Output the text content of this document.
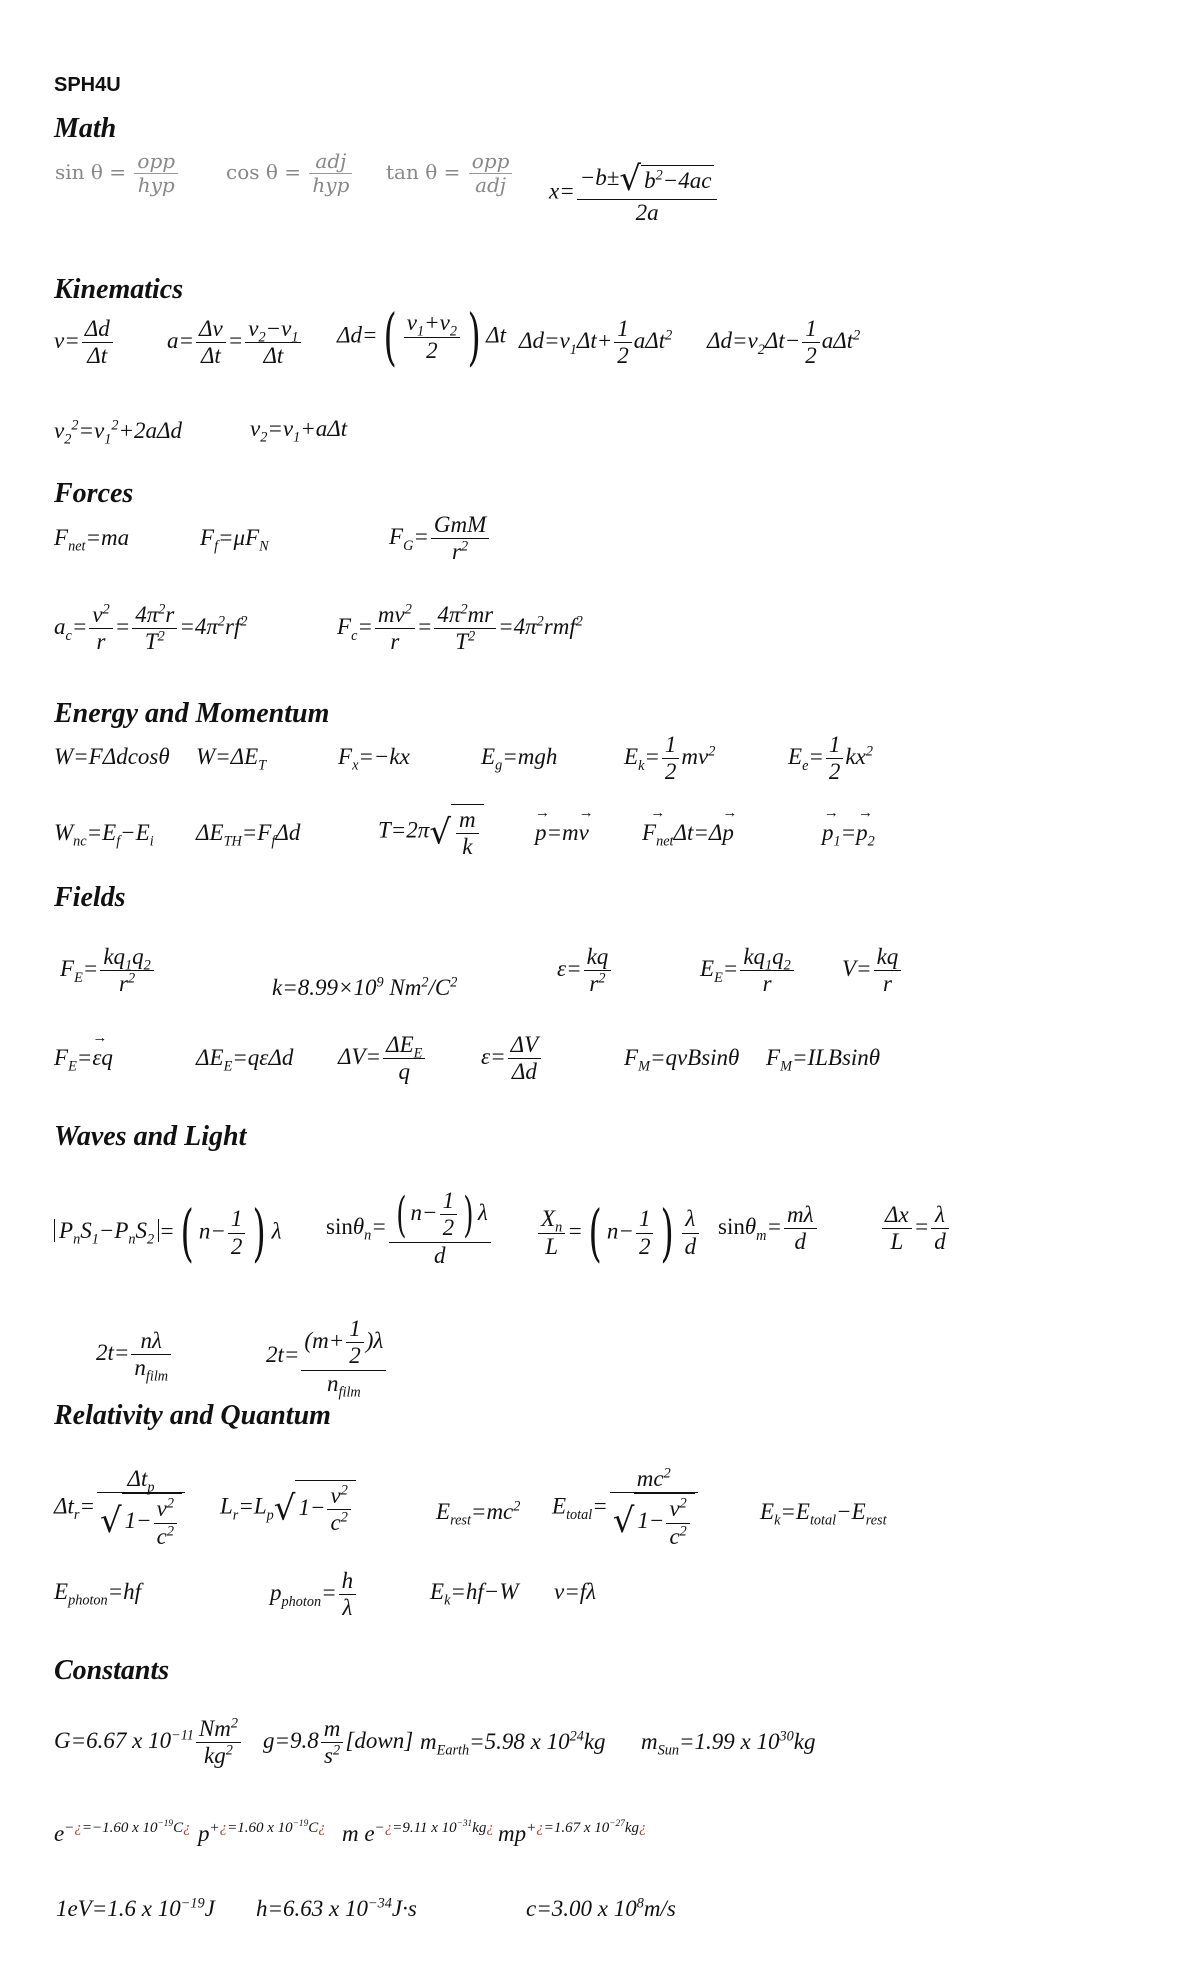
SPH4U
Math
$\sin \theta = \frac{\text{opp}}{\text{hyp}}$ $\cos \theta = \frac{\text{adj}}{\text{hyp}}$ $\tan \theta = \frac{\text{opp}}{\text{adj}} x= \frac{-b\pm√ b^2-4ac}{2a}$
Kinematics
$v= \frac{\Delta d}{\Delta t} a= \frac{\Delta v}{\Delta t} = \frac{v_2-v_1}{\Delta t} \Delta d=( \frac{v_1+v_2}{2}$ ) Δt $\Delta d=v_1\Delta t+ \frac{1}{2} a\Delta t^2$ $\Delta d=v_2\Delta t- \frac{1}{2} a\Delta t^2$
$v_2^2=v_1^2+2a\Delta d$	$v_2=v_1+a\Delta t$
Forces
$F_{net}=ma$	$F_f=\mu F_N$	$F_G= \frac{\text{GmM}}{r^2}$
$a_c= \frac{v^2}{r} = \frac{4\pi^2r}{T^2} =4\pi^2rf^2$	$F_c= \frac{mv^2}{r} = \frac{4\pi^2mr}{T^2} =4\pi^2rmf^2$
Energy and Momentum
W=FΔdcosθ $W=\Delta E_T$	$F_x=-kx$	$E_g=mgh$	$E_k= \frac{1}{2} mv^2$	$E_e= \frac{1}{2} kx^2$
$W_{nc}=E_f-E_i$ $\Delta E_{TH}=F_f\Delta d$	$T=2\pi√ \frac{m}{k}$
→ p=m→ v
→ $F_{net}\Delta t=\Delta\to p$
→	$p_1=\to p_2$
Fields
$F_E= \frac{kq_1q_2}{r^2}$	$k=8.99\times 10^9$ $Nm^2/C^2$
$\varepsilon= \frac{kq}{r^2}$	$E_E= \frac{kq_1q_2}{r} V= \frac{kq}{r}$
$F_E=\to \varepsilon q$	$\Delta E_E=q\varepsilon\Delta d$ $\Delta V= \frac{\Delta E_E}{q} \varepsilon= \frac{\Delta V}{\Delta d}$	$F_M=qvBsin\theta$ $F_M=ILBsin\theta$
Waves and Light
$P_nS_1-P_nS_2$ =( $n- \frac{1}{2}$ ) λ $\sin\theta_n= \frac{( n- \frac{1}{2} ) \lambda}{d} \frac{X_n}{L}$ =( $n- \frac{1}{2}$ ) $\frac{\lambda}{d} \sin\theta_m= \frac{m\lambda}{d}$	$\frac{\Delta x}{L} = \frac{\lambda}{d}$
$2t= \frac{n\lambda}{n_{film}}$	$2t= \frac{(m+ \frac{1}{2} )\lambda}{n_{film}}$
Relativity and Quantum
$\Delta t_r= \frac{\Delta t_p}{√ 1- \frac{v^2}{c^2}} L_r=L_p√$ $1- \frac{v^2}{c^2}$	$E_{rest}=mc^2$ $E_{total}= \frac{mc^2}{√ 1- \frac{v^2}{c^2}}$	$E_k=E_{total}-E_{rest}$
$E_{photon}=hf$	$p_{photon}= \frac{h}{\lambda}$	$E_k=hf-W$ v=fλ
Constants
G=6.67 x $10^{-11} \frac{Nm^2}{kg^2} g=9.8 \frac{m}{s^2}$ [down] $m_{Earth}=5.98$ x $10^{24}kg$ $m_{Sun}=1.99$ x $10^{30}kg$
$e^{-¿=-1.60 x 10^{-19}C¿}$ $p^{+¿=1.60 x 10^{-19}C¿}$ m $e^{-¿=9.11 x 10^{-31}kg¿}$ $mp^{+¿=1.67 x 10^{-27}kg¿}$
1eV=1.6 x $10^{-19}J$ h=6.63 x $10^{-34}J\cdot s$	c=3.00 x $10^8m/s$
